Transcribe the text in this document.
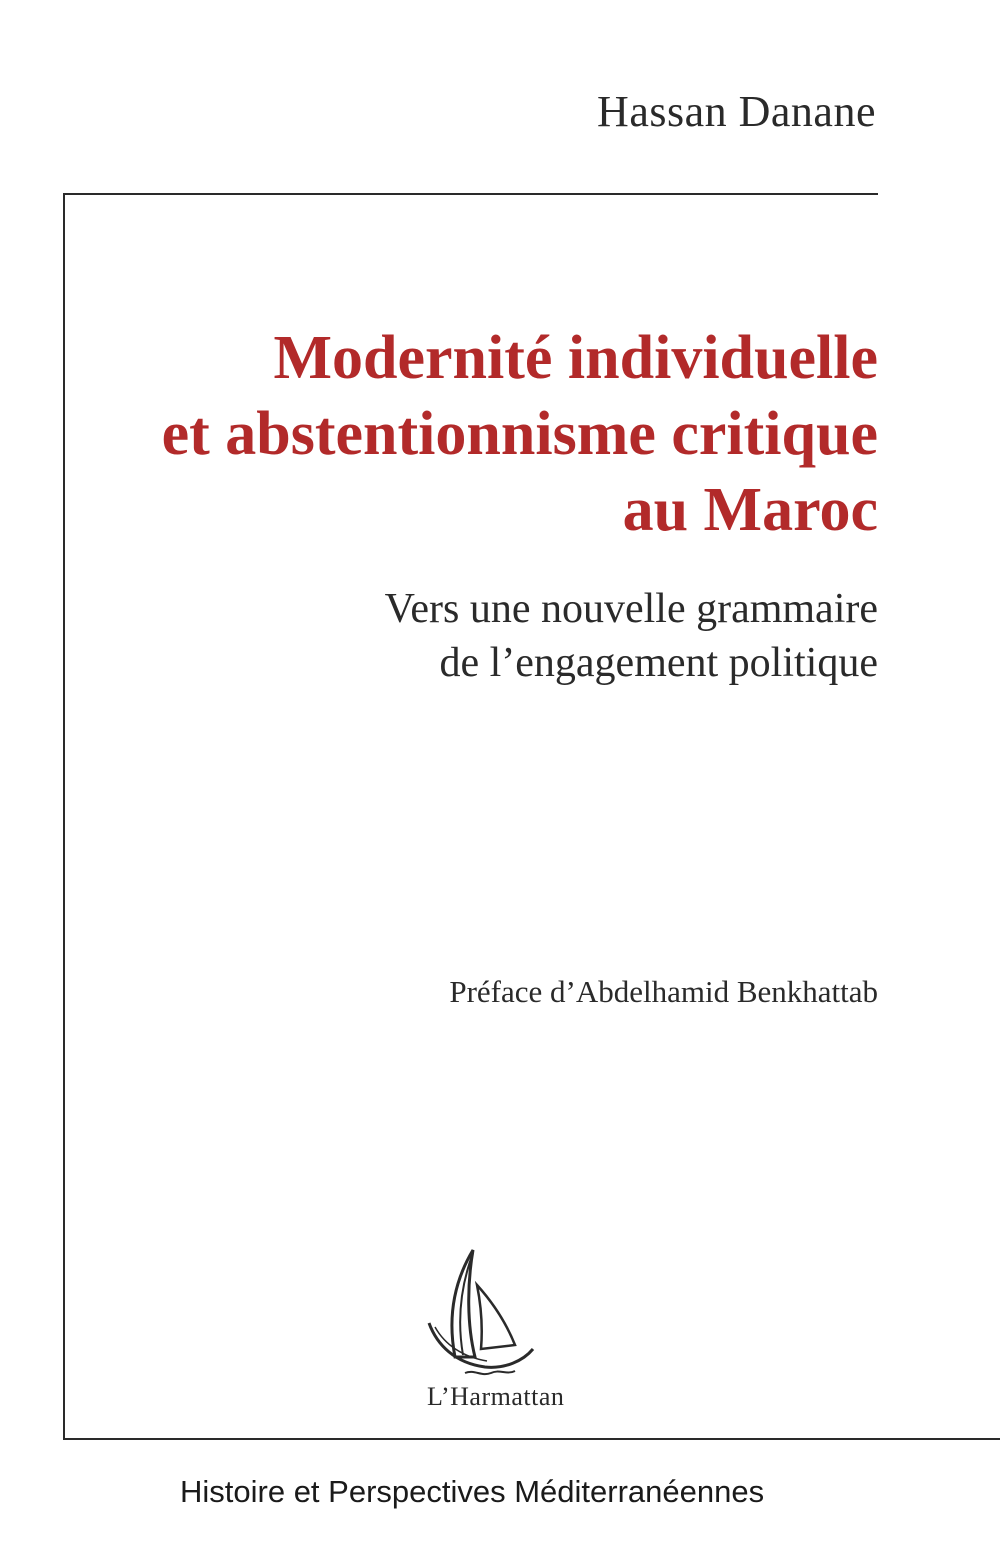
Hassan Danane
Modernité individuelle
et abstentionnisme critique
au Maroc
Vers une nouvelle grammaire
de l’engagement politique
Préface d’Abdelhamid Benkhattab
L’Harmattan
Histoire et Perspectives Méditerranéennes
